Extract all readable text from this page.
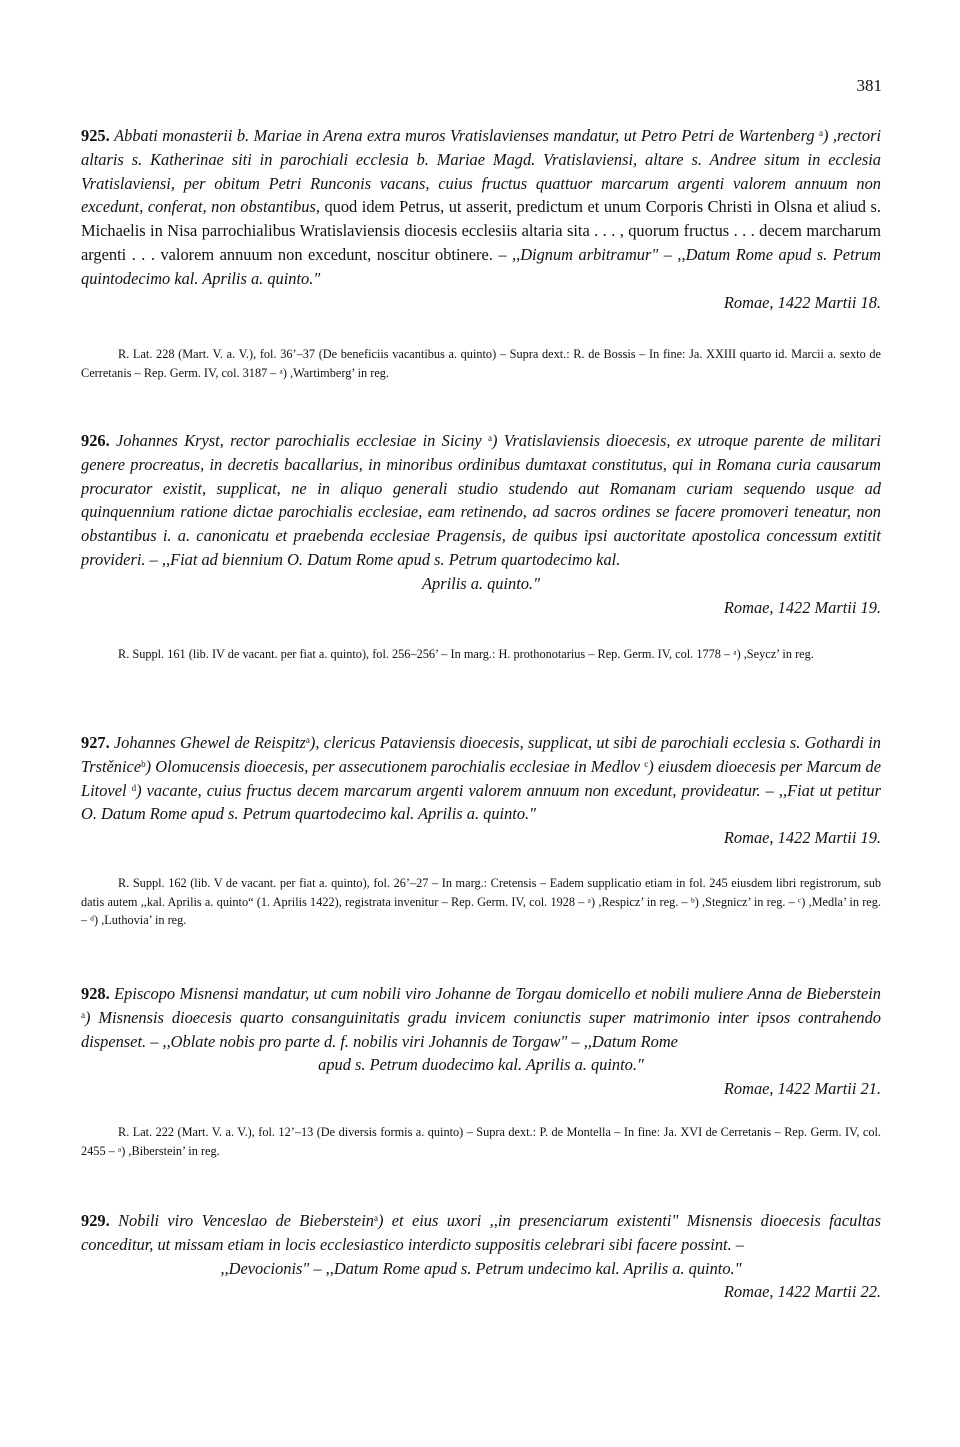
381

925. Abbati monasterii b. Mariae in Arena extra muros Vratislavienses mandatur, ut Petro Petri de Wartenberg $^a$) ,rectori altaris s. Katherinae siti in parochiali ecclesia b. Mariae Magd. Vratislaviensi, altare s. Andree situm in ecclesia Vratislaviensi, per obitum Petri Runconis vacans, cuius fructus quattuor marcarum argenti valorem annuum non excedunt, conferat, non obstantibus, quod idem Petrus, ut asserit, predictum et unum Corporis Christi in Olsna et aliud s. Michaelis in Nisa parrochialibus Wratislaviensis diocesis ecclesiis altaria sita . . . , quorum fructus . . . decem marcharum argenti . . . valorem annuum non excedunt, noscitur obtinere. – ,,Dignum arbitramur" – ,,Datum Rome apud s. Petrum quintodecimo kal. Aprilis a. quinto."

Romae, 1422 Martii 18.

R. Lat. 228 (Mart. V. a. V.), fol. 36’–37 (De beneficiis vacantibus a. quinto) – Supra dext.: R. de Bossis – In fine: Ja. XXIII quarto id. Marcii a. sexto de Cerretanis – Rep. Germ. IV, col. 3187 – ᵃ) ,Wartimberg’ in reg.

926. Johannes Kryst, rector parochialis ecclesiae in Siciny $^a$) Vratislaviensis dioecesis, ex utroque parente de militari genere procreatus, in decretis bacallarius, in minoribus ordinibus dumtaxat constitutus, qui in Romana curia causarum procurator existit, supplicat, ne in aliquo generali studio studendo aut Romanam curiam sequendo usque ad quinquennium ratione dictae parochialis ecclesiae, eam retinendo, ad sacros ordines se facere promoveri teneatur, non obstantibus i. a. canonicatu et praebenda ecclesiae Pragensis, de quibus ipsi auctoritate apostolica concessum extitit provideri. – ,,Fiat ad biennium O. Datum Rome apud s. Petrum quartodecimo kal.

Aprilis a. quinto."

Romae, 1422 Martii 19.

R. Suppl. 161 (lib. IV de vacant. per fiat a. quinto), fol. 256–256’ – In marg.: H. prothonotarius – Rep. Germ. IV, col. 1778 – ᵃ) ,Seycz’ in reg.

927. Johannes Ghewel de Reispitz$^a$), clericus Pataviensis dioecesis, supplicat, ut sibi de parochiali ecclesia s. Gothardi in Trstěnice$^b$) Olomucensis dioecesis, per assecutionem parochialis ecclesiae in Medlov $^c$) eiusdem dioecesis per Marcum de Litovel $^d$) vacante, cuius fructus decem marcarum argenti valorem annuum non excedunt, provideatur. – ,,Fiat ut petitur O. Datum Rome apud s. Petrum quartodecimo kal. Aprilis a. quinto."

Romae, 1422 Martii 19.

R. Suppl. 162 (lib. V de vacant. per fiat a. quinto), fol. 26’–27 – In marg.: Cretensis – Eadem supplicatio etiam in fol. 245 eiusdem libri registrorum, sub datis autem ,,kal. Aprilis a. quinto“ (1. Aprilis 1422), registrata invenitur – Rep. Germ. IV, col. 1928 – ᵃ) ,Respicz’ in reg. – ᵇ) ,Stegnicz’ in reg. – ᶜ) ,Medla’ in reg. – ᵈ) ,Luthovia’ in reg.

928. Episcopo Misnensi mandatur, ut cum nobili viro Johanne de Torgau domicello et nobili muliere Anna de Bieberstein $^a$) Misnensis dioecesis quarto consanguinitatis gradu invicem coniunctis super matrimonio inter ipsos contrahendo dispenset. – ,,Oblate nobis pro parte d. f. nobilis viri Johannis de Torgaw" – ,,Datum Rome

apud s. Petrum duodecimo kal. Aprilis a. quinto."

Romae, 1422 Martii 21.

R. Lat. 222 (Mart. V. a. V.), fol. 12’–13 (De diversis formis a. quinto) – Supra dext.: P. de Montella – In fine: Ja. XVI de Cerretanis – Rep. Germ. IV, col. 2455 – ᵃ) ,Biberstein’ in reg.

929. Nobili viro Venceslao de Bieberstein$^a$) et eius uxori ,,in presenciarum existenti" Misnensis dioecesis facultas conceditur, ut missam etiam in locis ecclesiastico interdicto suppositis celebrari sibi facere possint. –

,,Devocionis" – ,,Datum Rome apud s. Petrum undecimo kal. Aprilis a. quinto."

Romae, 1422 Martii 22.
